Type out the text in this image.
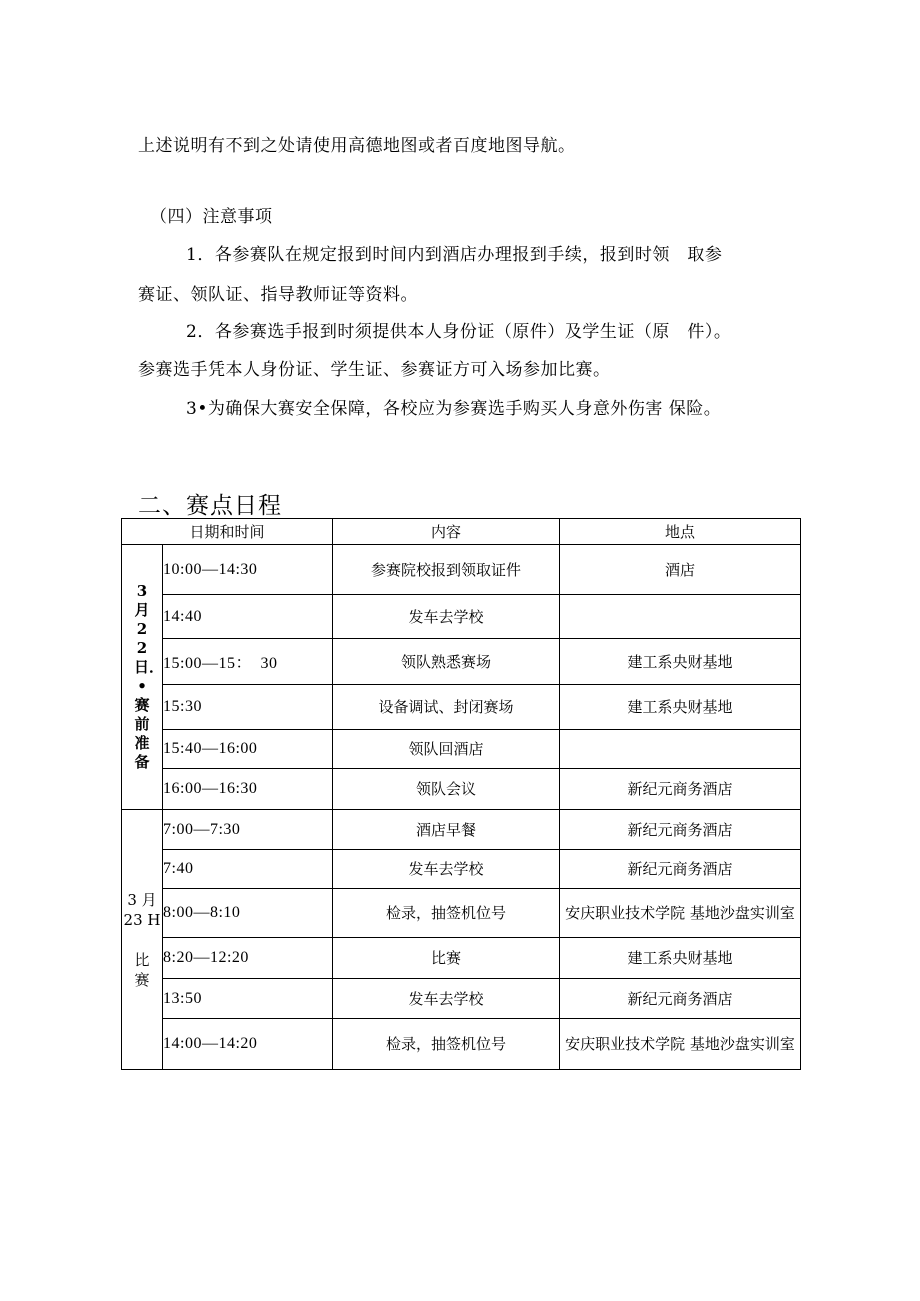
上述说明有不到之处请使用高德地图或者百度地图导航。
（四）注意事项
1．各参赛队在规定报到时间内到酒店办理报到手续，报到时领　取参
赛证、领队证、指导教师证等资料。
2．各参赛选手报到时须提供本人身份证（原件）及学生证（原　件）。
参赛选手凭本人身份证、学生证、参赛证方可入场参加比赛。
3•为确保大赛安全保障，各校应为参赛选手购买人身意外伤害 保险。
二、赛点日程
日期和时间		内容	地点

3月22日．•赛前准备	10:00—14:30	参赛院校报到领取证件	酒店
	14:40	发车去学校	
	15:00—15：　30	领队熟悉赛场	建工系央财基地
	15:30	设备调试、封闭赛场	建工系央财基地
	15:40—16:00	领队回酒店	
	16:00—16:30	领队会议	新纪元商务酒店

3 月
23 H
比
赛	7:00—7:30	酒店早餐	新纪元商务酒店
	7:40	发车去学校	新纪元商务酒店
	8:00—8:10	检录，抽签机位号	安庆职业技术学院 基地沙盘实训室
	8:20—12:20	比赛	建工系央财基地
	13:50	发车去学校	新纪元商务酒店
	14:00—14:20	检录，抽签机位号	安庆职业技术学院 基地沙盘实训室
